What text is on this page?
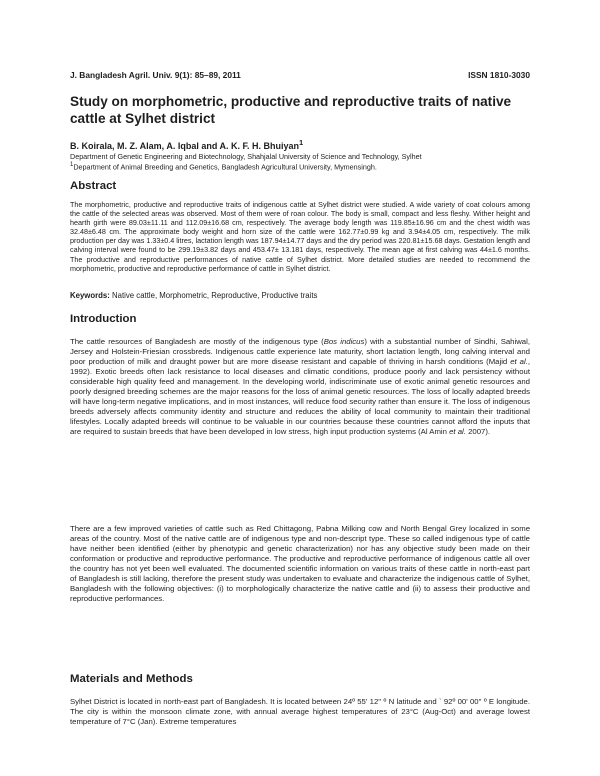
J. Bangladesh Agril. Univ. 9(1): 85–89, 2011	ISSN 1810-3030
Study on morphometric, productive and reproductive traits of native cattle at Sylhet district
B. Koirala, M. Z. Alam, A. Iqbal and A. K. F. H. Bhuiyan$^1$
Department of Genetic Engineering and Biotechnology, Shahjalal University of Science and Technology, Sylhet
$^1$Department of Animal Breeding and Genetics, Bangladesh Agricultural University, Mymensingh.
Abstract

The morphometric, productive and reproductive traits of indigenous cattle at Sylhet district were studied. A wide variety of coat colours among the cattle of the selected areas was observed. Most of them were of roan colour. The body is small, compact and less fleshy. Wither height and hearth girth were 89.03±11.11 and 112.09±16.68 cm, respectively. The average body length was 119.85±16.96 cm and the chest width was 32.48±6.48 cm. The approximate body weight and horn size of the cattle were 162.77±0.99 kg and 3.94±4.05 cm, respectively. The milk production per day was 1.33±0.4 litres, lactation length was 187.94±14.77 days and the dry period was 220.81±15.68 days. Gestation length and calving interval were found to be 299.19±3.82 days and 453.47± 13.181 days, respectively. The mean age at first calving was 44±1.6 months. The productive and reproductive performances of native cattle of Sylhet district. More detailed studies are needed to recommend the morphometric, productive and reproductive performance of cattle in Sylhet district.

Keywords: Native cattle, Morphometric, Reproductive, Productive traits
Introduction

The cattle resources of Bangladesh are mostly of the indigenous type (Bos indicus) with a substantial number of Sindhi, Sahiwal, Jersey and Holstein-Friesian crossbreds. Indigenous cattle experience late maturity, short lactation length, long calving interval and poor production of milk and draught power but are more disease resistant and capable of thriving in harsh conditions (Majid et al., 1992). Exotic breeds often lack resistance to local diseases and climatic conditions, produce poorly and lack persistency without considerable high quality feed and management. In the developing world, indiscriminate use of exotic animal genetic resources and poorly designed breeding schemes are the major reasons for the loss of animal genetic resources. The loss of locally adapted breeds will have long-term negative implications, and in most instances, will reduce food security rather than ensure it. The loss of indigenous breeds adversely affects community identity and structure and reduces the ability of local community to maintain their traditional lifestyles. Locally adapted breeds will continue to be valuable in our countries because these countries cannot afford the inputs that are required to sustain breeds that have been developed in low stress, high input production systems (Al Amin et al. 2007).

There are a few improved varieties of cattle such as Red Chittagong, Pabna Milking cow and North Bengal Grey localized in some areas of the country. Most of the native cattle are of indigenous type and non-descript type. These so called indigenous type of cattle have neither been identified (either by phenotypic and genetic characterization) nor has any objective study been made on their conformation or productive and reproductive performance. The productive and reproductive performance of indigenous cattle all over the country has not yet been well evaluated. The documented scientific information on various traits of these cattle in north-east part of Bangladesh is still lacking, therefore the present study was undertaken to evaluate and characterize the indigenous cattle of Sylhet, Bangladesh with the following objectives: (i) to morphologically characterize the native cattle and (ii) to assess their productive and reproductive performances.

Materials and Methods

Sylhet District is located in north-east part of Bangladesh. It is located between 24º 55' 12'' º N latitude and ` 92º 00' 00'' º E longitude. The city is within the monsoon climate zone, with annual average highest temperatures of 23°C (Aug-Oct) and average lowest temperature of 7°C (Jan). Extreme temperatures
